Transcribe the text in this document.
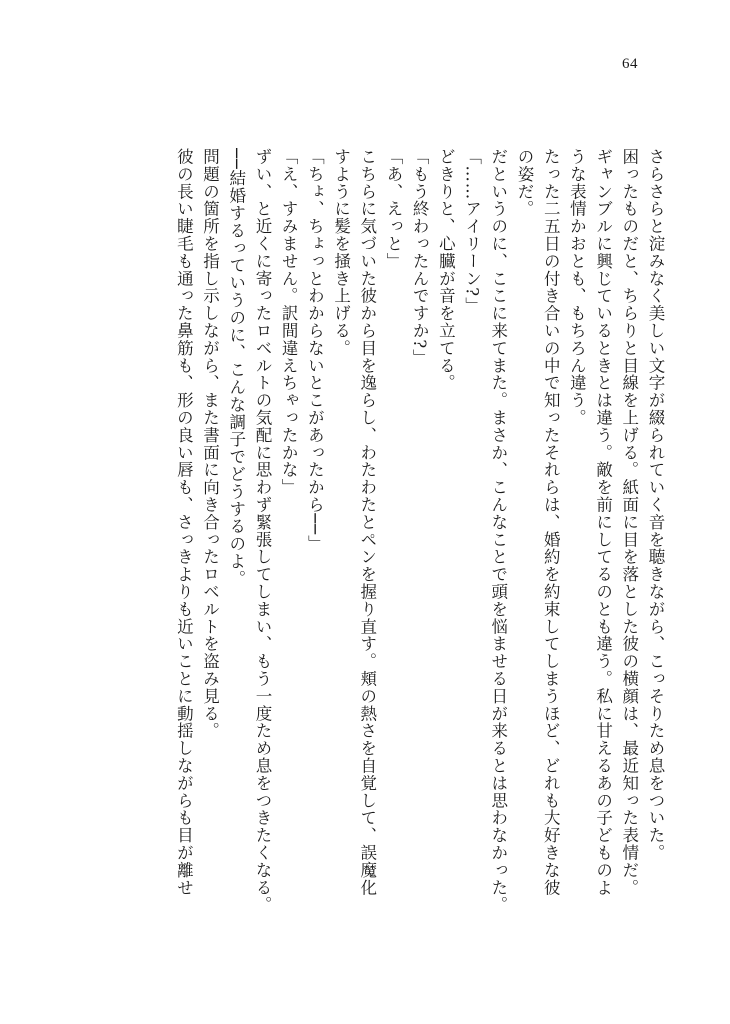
64

さらさらと淀みなく美しい文字が綴られていく音を聴きながら、こっそりため息をついた。

困ったものだと、ちらりと目線を上げる。紙面に目を落とした彼の横顔は、最近知った表情だ。

ギャンブルに興じているときとは違う。敵を前にしてるのとも違う。私に甘えるあの子どものよ

うな表情かおとも、もちろん違う。

たった二五日の付き合いの中で知ったそれらは、婚約を約束してしまうほど、どれも大好きな彼

の姿だ。

だというのに、ここに来てまた。まさか、こんなことで頭を悩ませる日が来るとは思わなかった。

「……アイリーン?」

どきりと、心臓が音を立てる。

「もう終わったんですか?」

「あ、えっと」

こちらに気づいた彼から目を逸らし、わたわたとペンを握り直す。頬の熱さを自覚して、誤魔化

すように髪を掻き上げる。

「ちょ、ちょっとわからないとこがあったから──」

「え、すみません。訳間違えちゃったかな」

ずい、と近くに寄ったロベルトの気配に思わず緊張してしまい、もう一度ため息をつきたくなる。

──結婚するっていうのに、こんな調子でどうするのよ。

問題の箇所を指し示しながら、また書面に向き合ったロベルトを盗み見る。

彼の長い睫毛も通った鼻筋も、形の良い唇も、さっきよりも近いことに動揺しながらも目が離せ
